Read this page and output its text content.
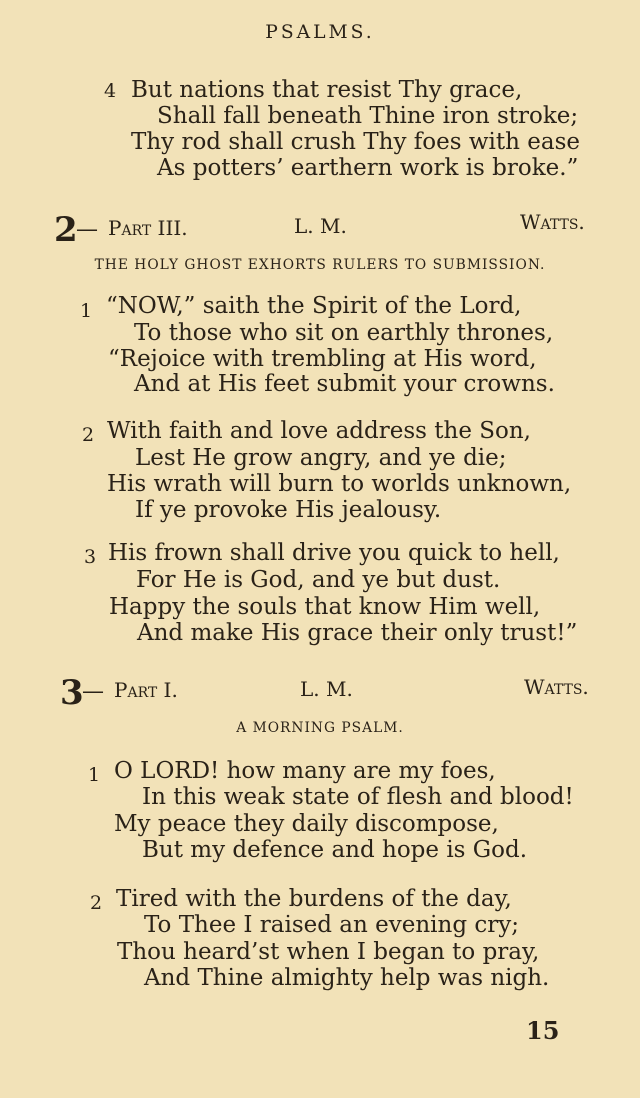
PSALMS.
4 But nations that resist Thy grace,
Shall fall beneath Thine iron stroke;
Thy rod shall crush Thy foes with ease
As potters’ earthern work is broke.”
2
— Part III.	L. M.	Watts.
THE HOLY GHOST EXHORTS RULERS TO SUBMISSION.
1 “NOW,” saith the Spirit of the Lord,
To those who sit on earthly thrones,
“Rejoice with trembling at His word,
And at His feet submit your crowns.
2 With faith and love address the Son,
Lest He grow angry, and ye die;
His wrath will burn to worlds unknown,
If ye provoke His jealousy.
3 His frown shall drive you quick to hell,
For He is God, and ye but dust.
Happy the souls that know Him well,
And make His grace their only trust!”
3
— Part I.	L. M.	Watts.
A MORNING PSALM.
1 O LORD! how many are my foes,
In this weak state of flesh and blood!
My peace they daily discompose,
But my defence and hope is God.
2 Tired with the burdens of the day,
To Thee I raised an evening cry;
Thou heard’st when I began to pray,
And Thine almighty help was nigh.
15
